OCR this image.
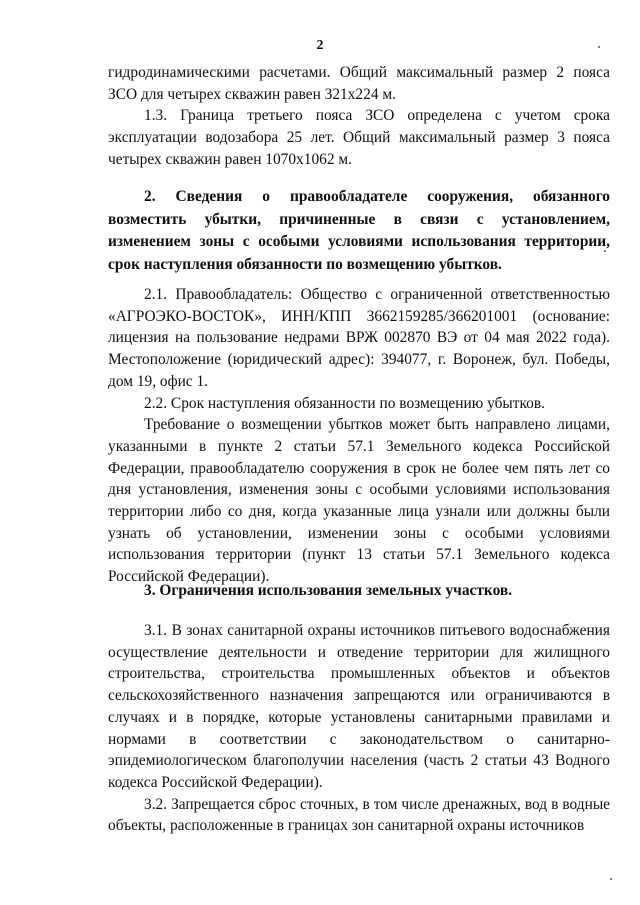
2

гидродинамическими расчетами. Общий максимальный размер 2 пояса ЗСО для четырех скважин равен 321х224 м.

1.3. Граница третьего пояса ЗСО определена с учетом срока эксплуатации водозабора 25 лет. Общий максимальный размер 3 пояса четырех скважин равен 1070х1062 м.

2. Сведения о правообладателе сооружения, обязанного возместить убытки, причиненные в связи с установлением, изменением зоны с особыми условиями использования территории, срок наступления обязанности по возмещению убытков.

2.1. Правообладатель: Общество с ограниченной ответственностью «АГРОЭКО-ВОСТОК», ИНН/КПП 3662159285/366201001 (основание: лицензия на пользование недрами ВРЖ 002870 ВЭ от 04 мая 2022 года). Местоположение (юридический адрес): 394077, г. Воронеж, бул. Победы, дом 19, офис 1.

2.2. Срок наступления обязанности по возмещению убытков.

Требование о возмещении убытков может быть направлено лицами, указанными в пункте 2 статьи 57.1 Земельного кодекса Российской Федерации, правообладателю сооружения в срок не более чем пять лет со дня установления, изменения зоны с особыми условиями использования территории либо со дня, когда указанные лица узнали или должны были узнать об установлении, изменении зоны с особыми условиями использования территории (пункт 13 статьи 57.1 Земельного кодекса Российской Федерации).

3. Ограничения использования земельных участков.

3.1. В зонах санитарной охраны источников питьевого водоснабжения осуществление деятельности и отведение территории для жилищного строительства, строительства промышленных объектов и объектов сельскохозяйственного назначения запрещаются или ограничиваются в случаях и в порядке, которые установлены санитарными правилами и нормами в соответствии с законодательством о санитарно-эпидемиологическом благополучии населения (часть 2 статьи 43 Водного кодекса Российской Федерации).

3.2. Запрещается сброс сточных, в том числе дренажных, вод в водные объекты, расположенные в границах зон санитарной охраны источников
